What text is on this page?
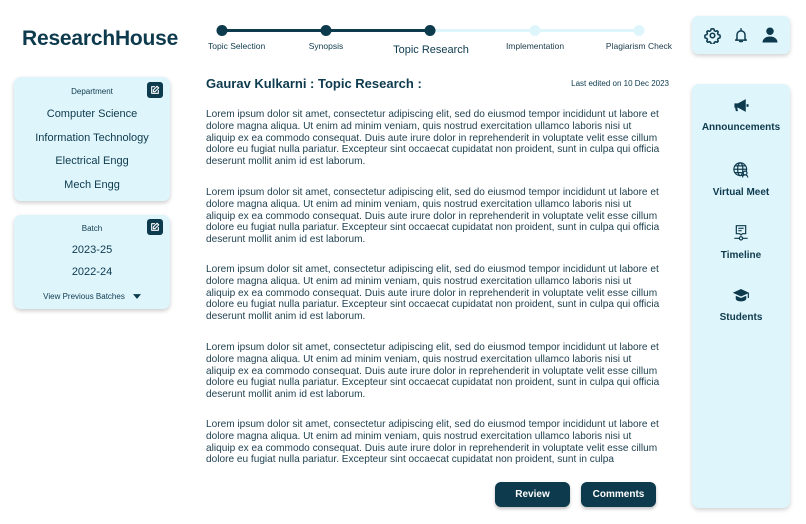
ResearchHouse	Topic Selection	Synopsis	Topic Research	Implementation	Plagiarism Check
Department
Computer Science
Information Technology
Electrical Engg
Mech Engg
Batch
2023-25
2022-24
View Previous Batches
Gaurav Kulkarni : Topic Research :	Last edited on 10 Dec 2023

Lorem ipsum dolor sit amet, consectetur adipiscing elit, sed do eiusmod tempor incididunt ut labore et dolore magna aliqua. Ut enim ad minim veniam, quis nostrud exercitation ullamco laboris nisi ut aliquip ex ea commodo consequat. Duis aute irure dolor in reprehenderit in voluptate velit esse cillum dolore eu fugiat nulla pariatur. Excepteur sint occaecat cupidatat non proident, sunt in culpa qui officia deserunt mollit anim id est laborum.

Lorem ipsum dolor sit amet, consectetur adipiscing elit, sed do eiusmod tempor incididunt ut labore et dolore magna aliqua. Ut enim ad minim veniam, quis nostrud exercitation ullamco laboris nisi ut aliquip ex ea commodo consequat. Duis aute irure dolor in reprehenderit in voluptate velit esse cillum dolore eu fugiat nulla pariatur. Excepteur sint occaecat cupidatat non proident, sunt in culpa qui officia deserunt mollit anim id est laborum.

Lorem ipsum dolor sit amet, consectetur adipiscing elit, sed do eiusmod tempor incididunt ut labore et dolore magna aliqua. Ut enim ad minim veniam, quis nostrud exercitation ullamco laboris nisi ut aliquip ex ea commodo consequat. Duis aute irure dolor in reprehenderit in voluptate velit esse cillum dolore eu fugiat nulla pariatur. Excepteur sint occaecat cupidatat non proident, sunt in culpa qui officia deserunt mollit anim id est laborum.

Lorem ipsum dolor sit amet, consectetur adipiscing elit, sed do eiusmod tempor incididunt ut labore et dolore magna aliqua. Ut enim ad minim veniam, quis nostrud exercitation ullamco laboris nisi ut aliquip ex ea commodo consequat. Duis aute irure dolor in reprehenderit in voluptate velit esse cillum dolore eu fugiat nulla pariatur. Excepteur sint occaecat cupidatat non proident, sunt in culpa qui officia deserunt mollit anim id est laborum.

Lorem ipsum dolor sit amet, consectetur adipiscing elit, sed do eiusmod tempor incididunt ut labore et dolore magna aliqua. Ut enim ad minim veniam, quis nostrud exercitation ullamco laboris nisi ut aliquip ex ea commodo consequat. Duis aute irure dolor in reprehenderit in voluptate velit esse cillum dolore eu fugiat nulla pariatur. Excepteur sint occaecat cupidatat non proident, sunt in culpa

Review	Comments
Announcements
Virtual Meet
Timeline
Students
